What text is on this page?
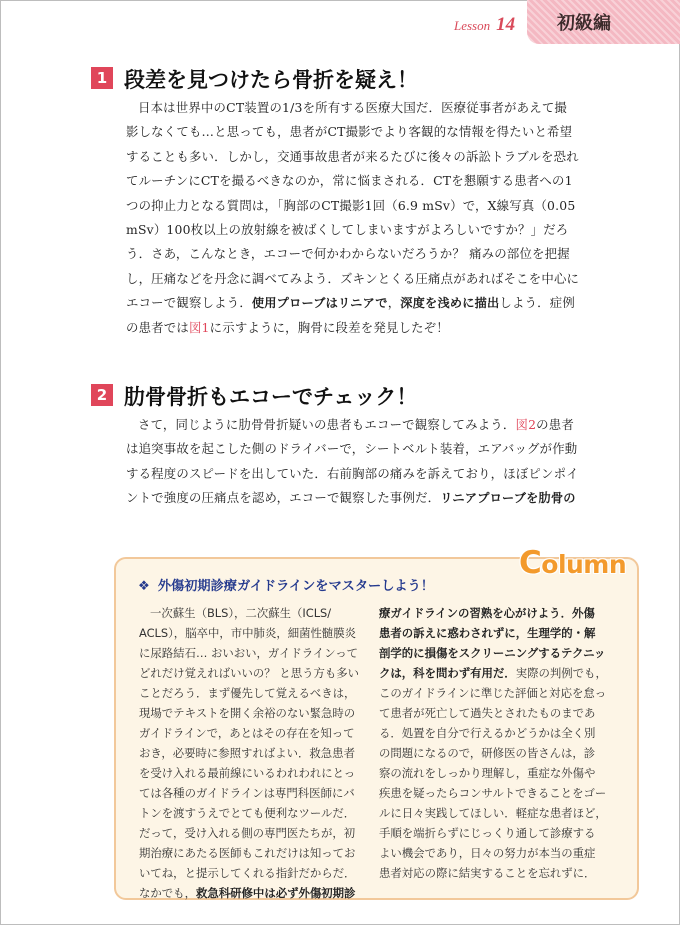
Lesson 14 初級編
1 段差を見つけたら骨折を疑え！
日本は世界中のCT装置の1/3を所有する医療大国だ．医療従事者があえて撮
影しなくても…と思っても，患者がCT撮影でより客観的な情報を得たいと希望
することも多い．しかし，交通事故患者が来るたびに後々の訴訟トラブルを恐れ
てルーチンにCTを撮るべきなのか，常に悩まされる．CTを懇願する患者への1
つの抑止力となる質問は，「胸部のCT撮影1回（6.9 mSv）で，X線写真（0.05
mSv）100枚以上の放射線を被ばくしてしまいますがよろしいですか？」だろ
う．さあ，こんなとき，エコーで何かわからないだろうか？ 痛みの部位を把握
し，圧痛などを丹念に調べてみよう．ズキンとくる圧痛点があればそこを中心に
エコーで観察しよう．使用プローブはリニアで，深度を浅めに描出しよう．症例
の患者では図1に示すように，胸骨に段差を発見したぞ！
2 肋骨骨折もエコーでチェック！
さて，同じように肋骨骨折疑いの患者もエコーで観察してみよう．図2の患者
は追突事故を起こした側のドライバーで，シートベルト装着，エアバッグが作動
する程度のスピードを出していた．右前胸部の痛みを訴えており，ほぼピンポイ
ントで強度の圧痛点を認め，エコーで観察した事例だ．リニアプローブを肋骨の
Column
❖ 外傷初期診療ガイドラインをマスターしよう！
一次蘇生（BLS），二次蘇生（ICLS/
ACLS），脳卒中，市中肺炎，細菌性髄膜炎
に尿路結石… おいおい，ガイドラインって
どれだけ覚えればいいの？ と思う方も多い
ことだろう．まず優先して覚えるべきは，
現場でテキストを開く余裕のない緊急時の
ガイドラインで，あとはその存在を知って
おき，必要時に参照すればよい．救急患者
を受け入れる最前線にいるわれわれにとっ
ては各種のガイドラインは専門科医師にバ
トンを渡すうえでとても便利なツールだ．
だって，受け入れる側の専門医たちが，初
期治療にあたる医師もこれだけは知ってお
いてね，と提示してくれる指針だからだ．
なかでも，救急科研修中は必ず外傷初期診
療ガイドラインの習熟を心がけよう．外傷
患者の訴えに惑わされずに，生理学的・解
剖学的に損傷をスクリーニングするテクニッ
クは，科を問わず有用だ．実際の判例でも，
このガイドラインに準じた評価と対応を怠っ
て患者が死亡して過失とされたものまであ
る．処置を自分で行えるかどうかは全く別
の問題になるので，研修医の皆さんは，診
察の流れをしっかり理解し，重症な外傷や
疾患を疑ったらコンサルトできることをゴー
ルに日々実践してほしい．軽症な患者ほど，
手順を端折らずにじっくり通して診療する
よい機会であり，日々の努力が本当の重症
患者対応の際に結実することを忘れずに．
